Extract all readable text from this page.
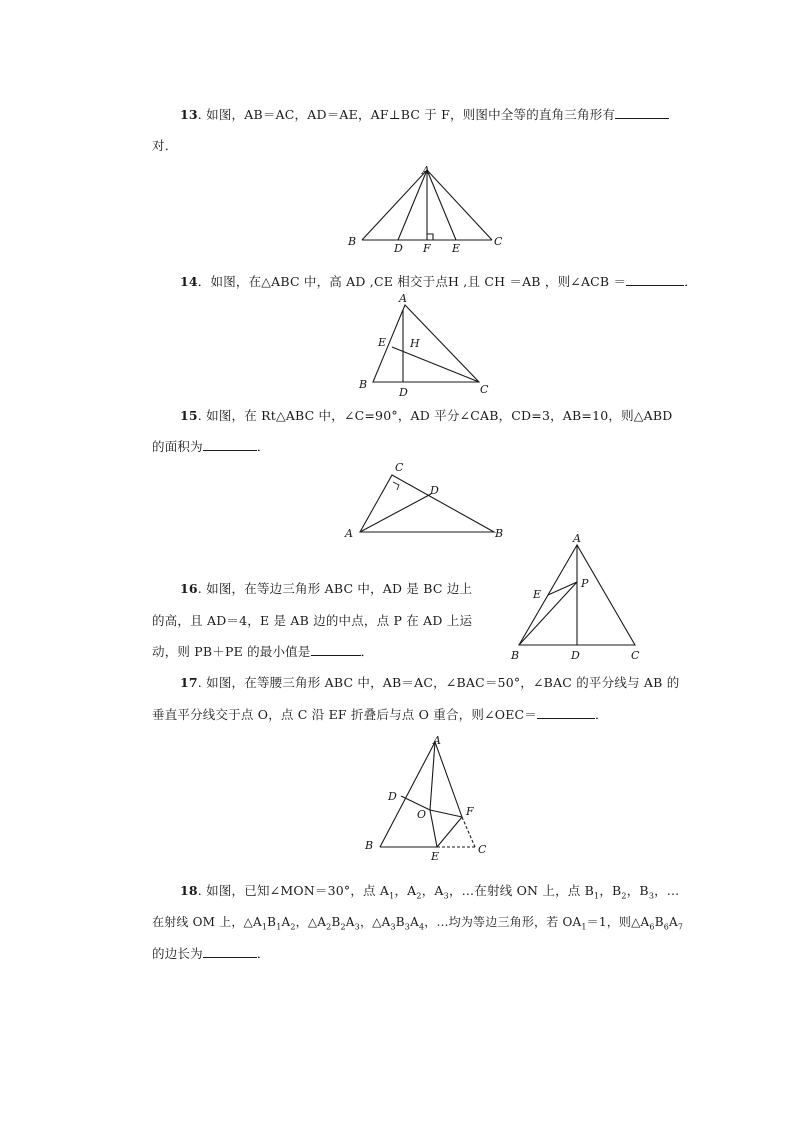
13. 如图，AB＝AC，AD＝AE，AF⊥BC 于 F，则图中全等的直角三角形有
对．
A
B	C
D F E
14．如图，在△ABC 中，高 AD ,CE 相交于点H ,且 CH ＝AB ，则∠ACB ＝	．
A
B	C
D
E H
15. 如图，在 Rt△ABC 中，∠C=90°，AD 平分∠CAB，CD=3，AB=10，则△ABD
的面积为	．
C
D
A	B
16. 如图，在等边三角形 ABC 中，AD 是 BC 边上
的高，且 AD＝4，E 是 AB 边的中点，点 P 在 AD 上运
动，则 PB＋PE 的最小值是	．
A
E
P
B	D	C
17. 如图，在等腰三角形 ABC 中，AB＝AC，∠BAC＝50°，∠BAC 的平分线与 AB 的
垂直平分线交于点 O，点 C 沿 EF 折叠后与点 O 重合，则∠OEC＝	．
A
D
O	F
B
E
C
18. 如图，已知∠MON＝30°，点 $A_1$，$A_2$，$A_3$，…在射线 ON 上，点 $B_1$，$B_2$，$B_3$，…
在射线 OM 上，$\triangle A_1B_1A_2$，$\triangle A_2B_2A_3$，$\triangle A_3B_3A_4$，…均为等边三角形，若 $OA_1=1$，则$\triangle A_6B_6A_7$
的边长为	．
